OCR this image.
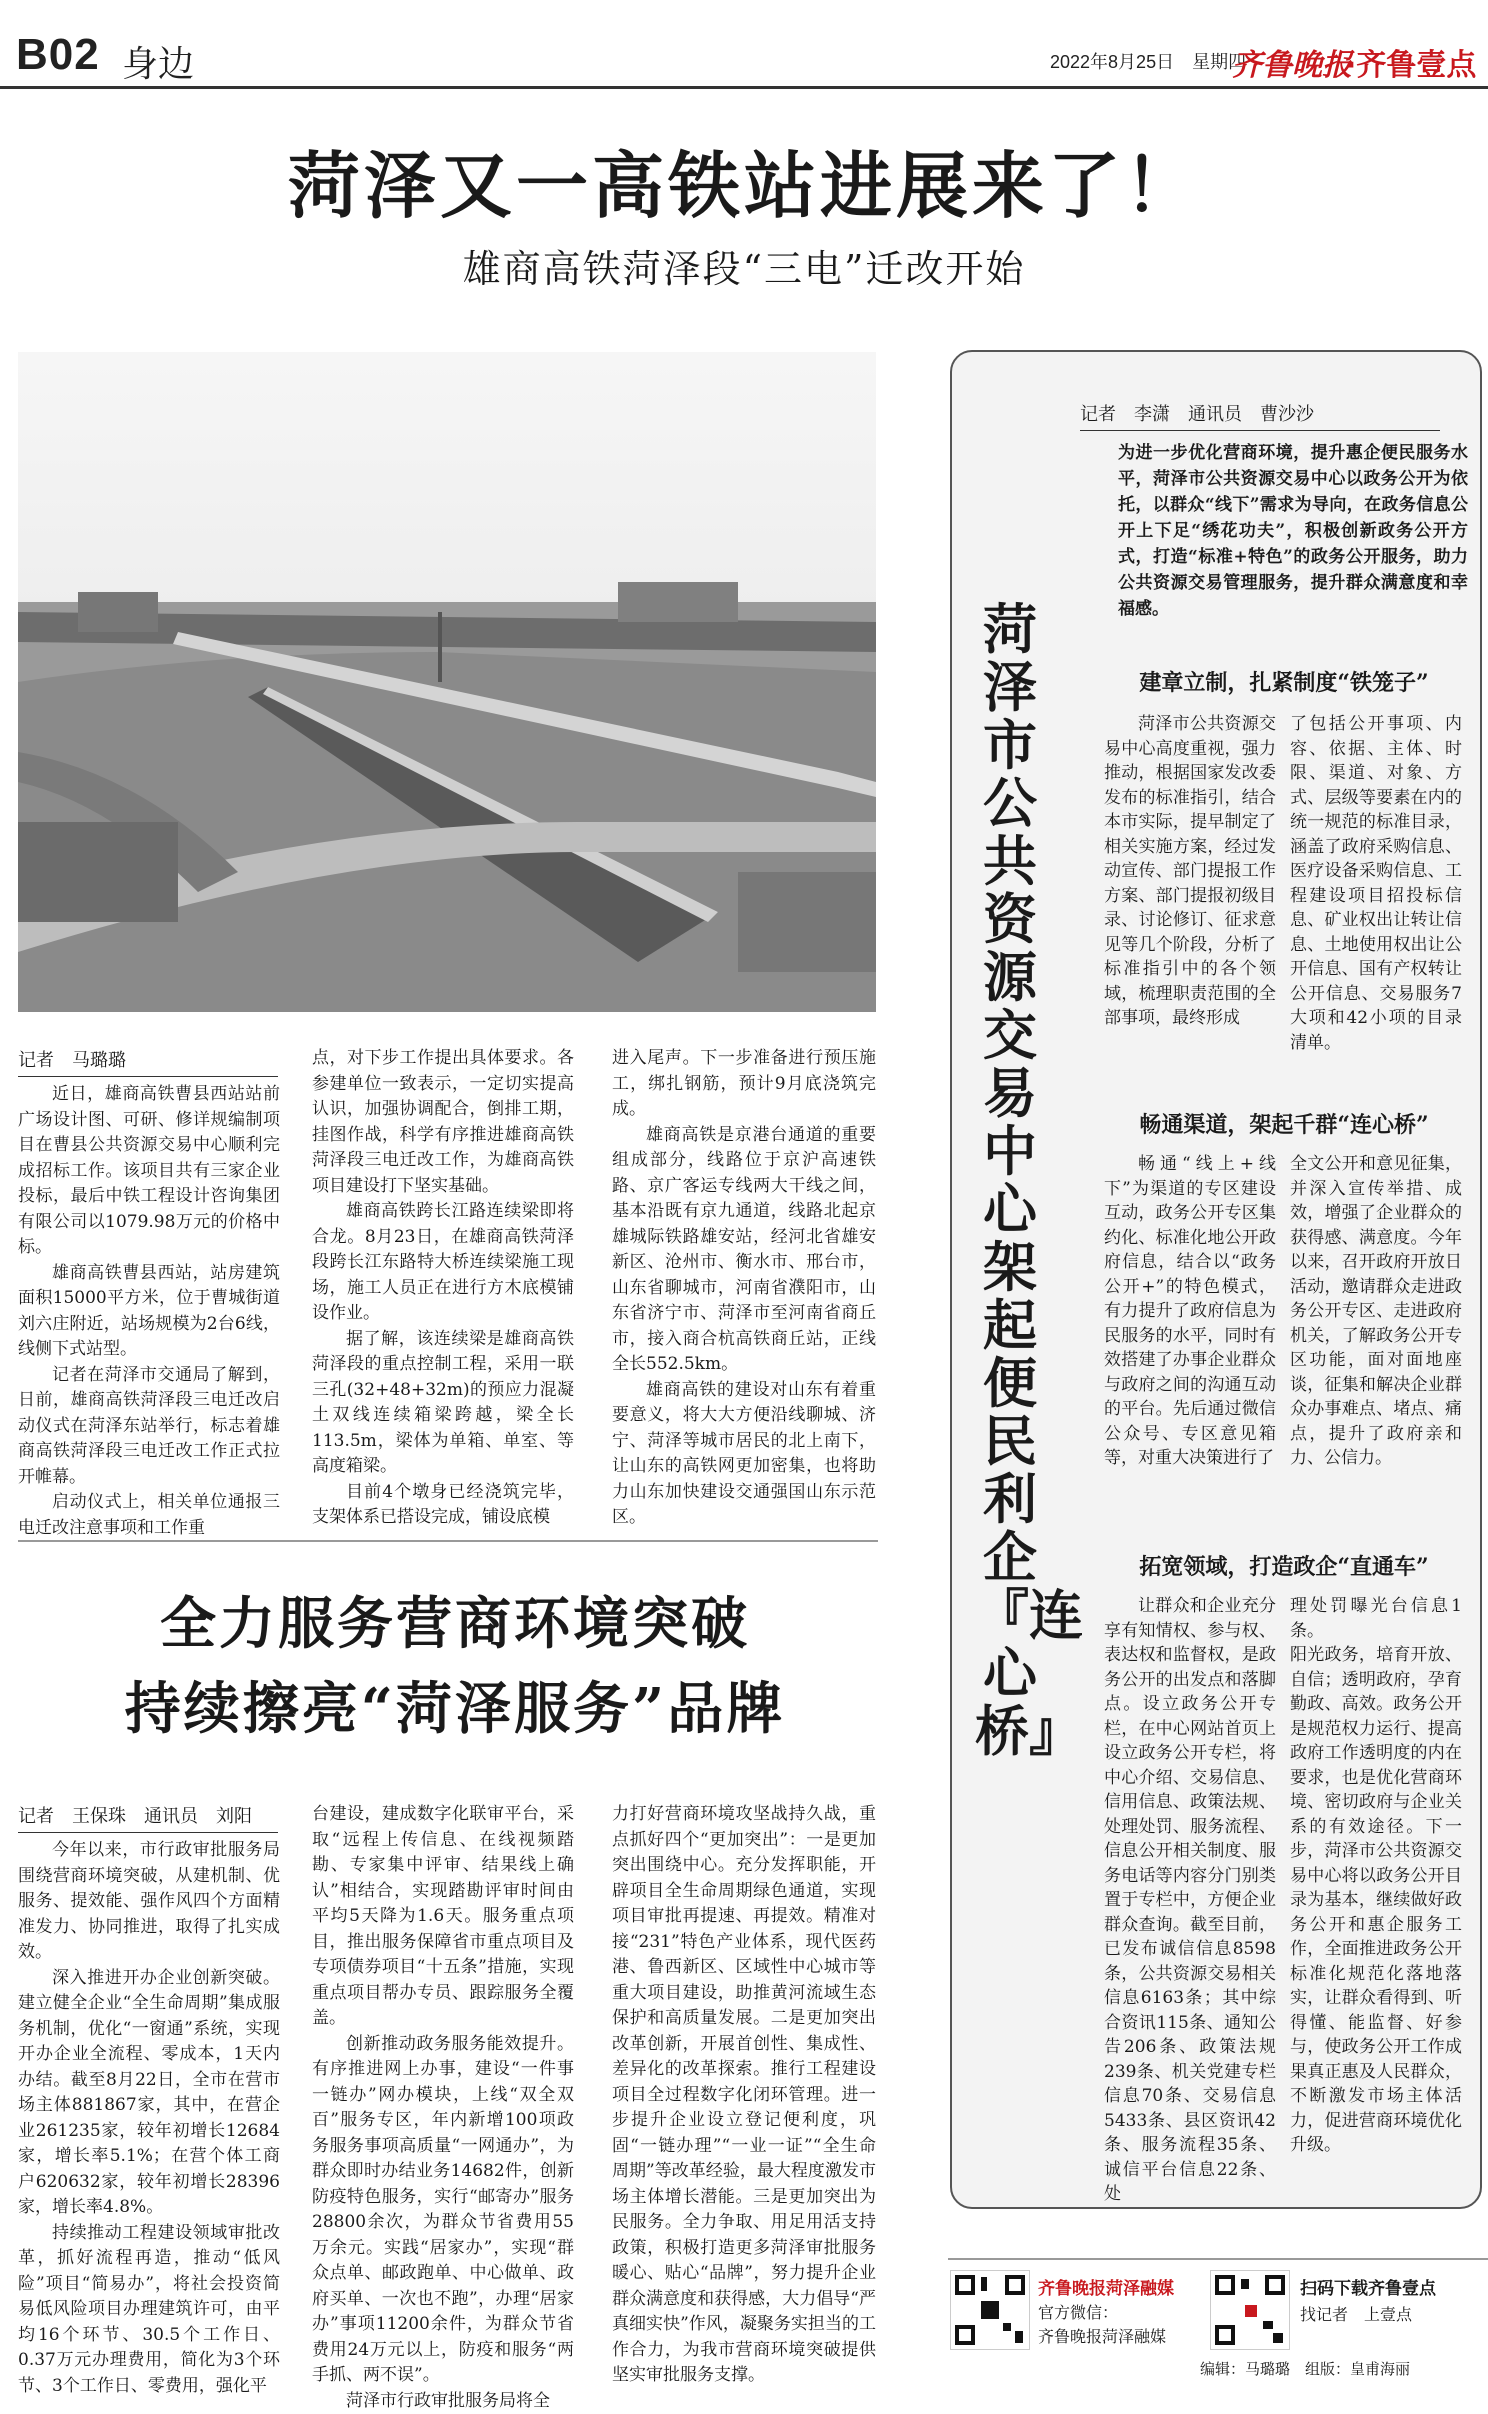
B02 身边	2022年8月25日　星期四
齐鲁晚报
·齐鲁壹点
菏泽又一高铁站进展来了！
雄商高铁菏泽段“三电”迁改开始
记者　马璐璐

近日，雄商高铁曹县西站站前广场设计图、可研、修详规编制项目在曹县公共资源交易中心顺利完成招标工作。该项目共有三家企业投标，最后中铁工程设计咨询集团有限公司以1079.98万元的价格中标。

雄商高铁曹县西站，站房建筑面积15000平方米，位于曹城街道刘六庄附近，站场规模为2台6线，线侧下式站型。

记者在菏泽市交通局了解到，日前，雄商高铁菏泽段三电迁改启动仪式在菏泽东站举行，标志着雄商高铁菏泽段三电迁改工作正式拉开帷幕。

启动仪式上，相关单位通报三电迁改注意事项和工作重

点，对下步工作提出具体要求。各参建单位一致表示，一定切实提高认识，加强协调配合，倒排工期，挂图作战，科学有序推进雄商高铁菏泽段三电迁改工作，为雄商高铁项目建设打下坚实基础。

雄商高铁跨长江路连续梁即将合龙。8月23日，在雄商高铁菏泽段跨长江东路特大桥连续梁施工现场，施工人员正在进行方木底模铺设作业。

据了解，该连续梁是雄商高铁菏泽段的重点控制工程，采用一联三孔(32+48+32m)的预应力混凝土双线连续箱梁跨越，梁全长113.5m，梁体为单箱、单室、等高度箱梁。

目前4个墩身已经浇筑完毕，支架体系已搭设完成，铺设底模

进入尾声。下一步准备进行预压施工，绑扎钢筋，预计9月底浇筑完成。

雄商高铁是京港台通道的重要组成部分，线路位于京沪高速铁路、京广客运专线两大干线之间，基本沿既有京九通道，线路北起京雄城际铁路雄安站，经河北省雄安新区、沧州市、衡水市、邢台市，山东省聊城市，河南省濮阳市，山东省济宁市、菏泽市至河南省商丘市，接入商合杭高铁商丘站，正线全长552.5km。

雄商高铁的建设对山东有着重要意义，将大大方便沿线聊城、济宁、菏泽等城市居民的北上南下，让山东的高铁网更加密集，也将助力山东加快建设交通强国山东示范区。

全力服务营商环境突破
持续擦亮“菏泽服务”品牌
记者　王保珠　通讯员　刘阳

今年以来，市行政审批服务局围绕营商环境突破，从建机制、优服务、提效能、强作风四个方面精准发力、协同推进，取得了扎实成效。

深入推进开办企业创新突破。建立健全企业“全生命周期”集成服务机制，优化“一窗通”系统，实现开办企业全流程、零成本，1天内办结。截至8月22日，全市在营市场主体881867家，其中，在营企业261235家，较年初增长12684家，增长率5.1%；在营个体工商户620632家，较年初增长28396家，增长率4.8%。

持续推动工程建设领域审批改革，抓好流程再造，推动“低风险”项目“简易办”，将社会投资简易低风险项目办理建筑许可，由平均16个环节、30.5个工作日、0.37万元办理费用，简化为3个环节、3个工作日、零费用，强化平

台建设，建成数字化联审平台，采取“远程上传信息、在线视频踏勘、专家集中评审、结果线上确认”相结合，实现踏勘评审时间由平均5天降为1.6天。服务重点项目，推出服务保障省市重点项目及专项债券项目“十五条”措施，实现重点项目帮办专员、跟踪服务全覆盖。

创新推动政务服务能效提升。有序推进网上办事，建设“一件事一链办”网办模块，上线“双全双百”服务专区，年内新增100项政务服务事项高质量“一网通办”，为群众即时办结业务14682件，创新防疫特色服务，实行“邮寄办”服务28800余次，为群众节省费用55万余元。实践“居家办”，实现“群众点单、邮政跑单、中心做单、政府买单、一次也不跑”，办理“居家办”事项11200余件，为群众节省费用24万元以上，防疫和服务“两手抓、两不误”。

菏泽市行政审批服务局将全

力打好营商环境攻坚战持久战，重点抓好四个“更加突出”：一是更加突出围绕中心。充分发挥职能，开辟项目全生命周期绿色通道，实现项目审批再提速、再提效。精准对接“231”特色产业体系，现代医药港、鲁西新区、区域性中心城市等重大项目建设，助推黄河流域生态保护和高质量发展。二是更加突出改革创新，开展首创性、集成性、差异化的改革探索。推行工程建设项目全过程数字化闭环管理。进一步提升企业设立登记便利度，巩固“一链办理”“一业一证”“全生命周期”等改革经验，最大程度激发市场主体增长潜能。三是更加突出为民服务。全力争取、用足用活支持政策，积极打造更多菏泽审批服务暖心、贴心“品牌”，努力提升企业群众满意度和获得感，大力倡导“严真细实快”作风，凝聚务实担当的工作合力，为我市营商环境突破提供坚实审批服务支撑。

菏泽市公共资源交易中心架起便民利企『连心桥』
记者　李潇　通讯员　曹沙沙
为进一步优化营商环境，提升惠企便民服务水平，菏泽市公共资源交易中心以政务公开为依托，以群众“线下”需求为导向，在政务信息公开上下足“绣花功夫”，积极创新政务公开方式，打造“标准+特色”的政务公开服务，助力公共资源交易管理服务，提升群众满意度和幸福感。
建章立制，扎紧制度“铁笼子”

菏泽市公共资源交易中心高度重视，强力推动，根据国家发改委发布的标准指引，结合本市实际，提早制定了相关实施方案，经过发动宣传、部门提报工作方案、部门提报初级目录、讨论修订、征求意见等几个阶段，分析了标准指引中的各个领域，梳理职责范围的全部事项，最终形成

了包括公开事项、内容、依据、主体、时限、渠道、对象、方式、层级等要素在内的统一规范的标准目录，涵盖了政府采购信息、医疗设备采购信息、工程建设项目招投标信息、矿业权出让转让信息、土地使用权出让公开信息、国有产权转让公开信息、交易服务7大项和42小项的目录清单。

畅通渠道，架起千群“连心桥”

畅通“线上+线下”为渠道的专区建设互动，政务公开专区集约化、标准化地公开政府信息，结合以“政务公开+”的特色模式，有力提升了政府信息为民服务的水平，同时有效搭建了办事企业群众与政府之间的沟通互动的平台。先后通过微信公众号、专区意见箱等，对重大决策进行了

全文公开和意见征集，并深入宣传举措、成效，增强了企业群众的获得感、满意度。今年以来，召开政府开放日活动，邀请群众走进政务公开专区、走进政府机关，了解政务公开专区功能，面对面地座谈，征集和解决企业群众办事难点、堵点、痛点，提升了政府亲和力、公信力。

拓宽领域，打造政企“直通车”

让群众和企业充分享有知情权、参与权、表达权和监督权，是政务公开的出发点和落脚点。设立政务公开专栏，在中心网站首页上设立政务公开专栏，将中心介绍、交易信息、信用信息、政策法规、处理处罚、服务流程、信息公开相关制度、服务电话等内容分门别类置于专栏中，方便企业群众查询。截至目前，已发布诚信信息8598条，公共资源交易相关信息6163条；其中综合资讯115条、通知公告206条、政策法规239条、机关党建专栏信息70条、交易信息5433条、县区资讯42条、服务流程35条、诚信平台信息22条、处

理处罚曝光台信息1条。
阳光政务，培育开放、自信；透明政府，孕育勤政、高效。政务公开是规范权力运行、提高政府工作透明度的内在要求，也是优化营商环境、密切政府与企业关系的有效途径。下一步，菏泽市公共资源交易中心将以政务公开目录为基本，继续做好政务公开和惠企服务工作，全面推进政务公开标准化规范化落地落实，让群众看得到、听得懂、能监督、好参与，使政务公开工作成果真正惠及人民群众，不断激发市场主体活力，促进营商环境优化升级。

齐鲁晚报菏泽融媒
官方微信：
齐鲁晚报菏泽融媒
扫码下载齐鲁壹点
找记者　上壹点
编辑：马璐璐　组版：皇甫海丽
